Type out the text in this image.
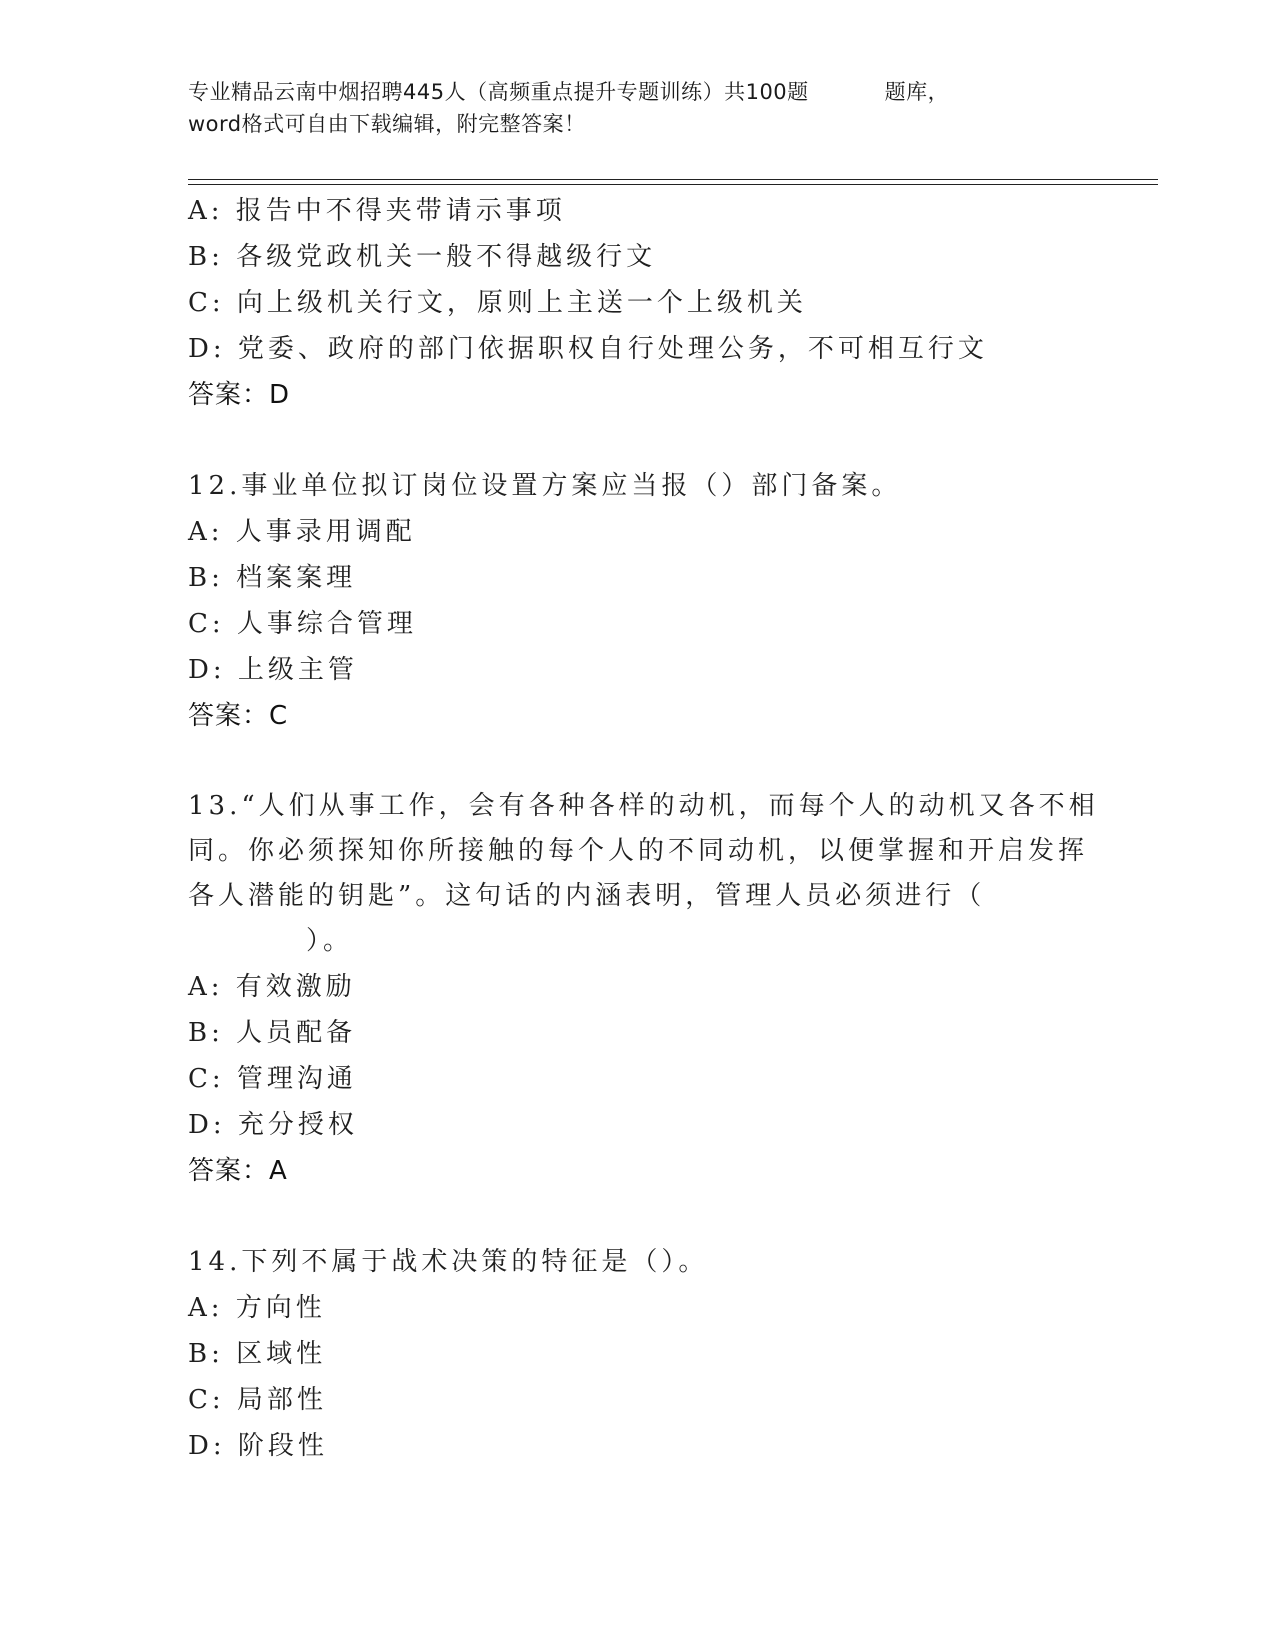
专业精品云南中烟招聘445人（高频重点提升专题训练）共100题	题库，
word格式可自由下载编辑，附完整答案！
A: 报告中不得夹带请示事项
B: 各级党政机关一般不得越级行文
C: 向上级机关行文，原则上主送一个上级机关
D: 党委、政府的部门依据职权自行处理公务，不可相互行文
答案：D
12.事业单位拟订岗位设置方案应当报（）部门备案。
A: 人事录用调配
B: 档案案理
C: 人事综合管理
D: 上级主管
答案：C
13.“人们从事工作，会有各种各样的动机，而每个人的动机又各不相
同。你必须探知你所接触的每个人的不同动机，以便掌握和开启发挥
各人潜能的钥匙”。这句话的内涵表明，管理人员必须进行（
）。
A: 有效激励
B: 人员配备
C: 管理沟通
D: 充分授权
答案：A
14.下列不属于战术决策的特征是（）。
A: 方向性
B: 区域性
C: 局部性
D: 阶段性
